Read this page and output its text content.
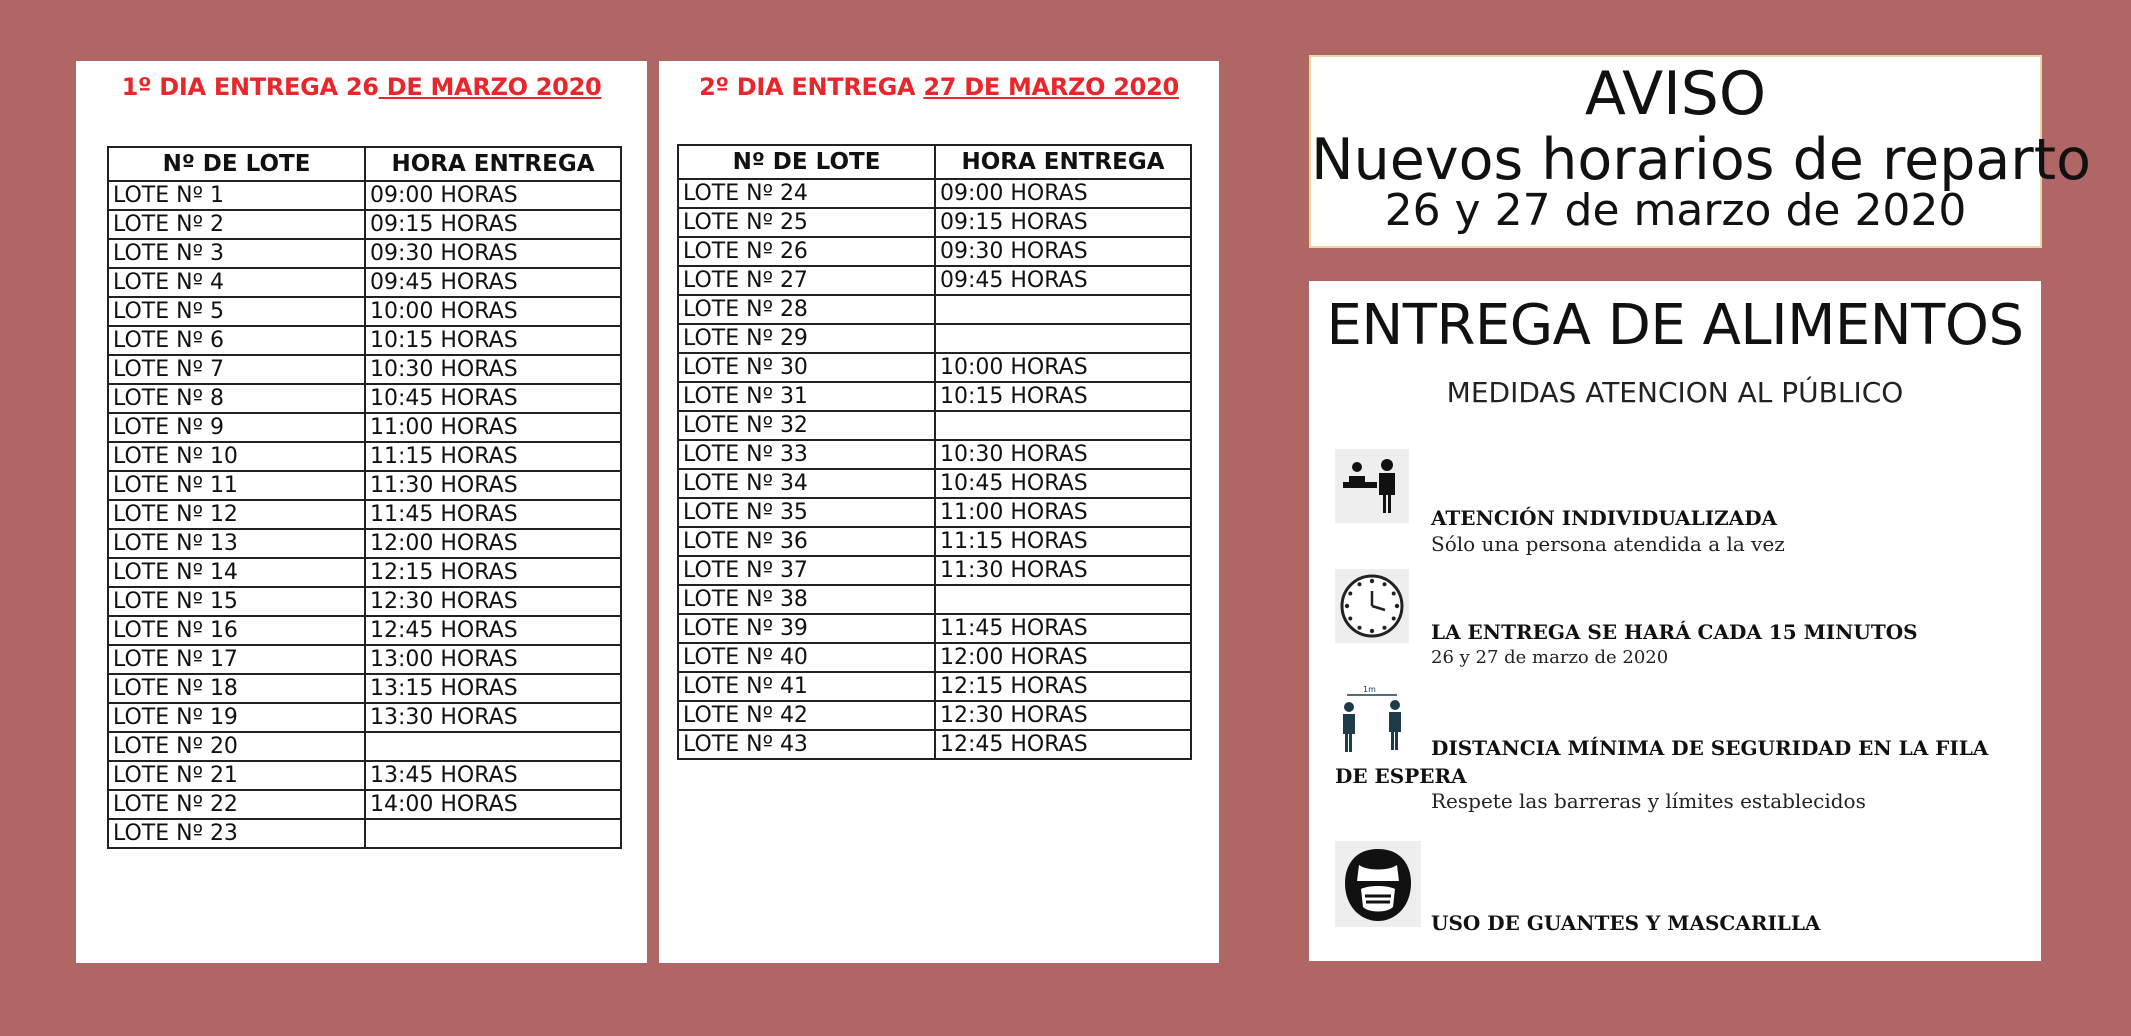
1º DIA ENTREGA 26 DE MARZO 2020
Nº DE LOTE	HORA ENTREGA
LOTE Nº 1	09:00 HORAS
LOTE Nº 2	09:15 HORAS
LOTE Nº 3	09:30 HORAS
LOTE Nº 4	09:45 HORAS
LOTE Nº 5	10:00 HORAS
LOTE Nº 6	10:15 HORAS
LOTE Nº 7	10:30 HORAS
LOTE Nº 8	10:45 HORAS
LOTE Nº 9	11:00 HORAS
LOTE Nº 10	11:15 HORAS
LOTE Nº 11	11:30 HORAS
LOTE Nº 12	11:45 HORAS
LOTE Nº 13	12:00 HORAS
LOTE Nº 14	12:15 HORAS
LOTE Nº 15	12:30 HORAS
LOTE Nº 16	12:45 HORAS
LOTE Nº 17	13:00 HORAS
LOTE Nº 18	13:15 HORAS
LOTE Nº 19	13:30 HORAS
LOTE Nº 20	
LOTE Nº 21	13:45 HORAS
LOTE Nº 22	14:00 HORAS
LOTE Nº 23	
2º DIA ENTREGA 27 DE MARZO 2020
Nº DE LOTE	HORA ENTREGA
LOTE Nº 24	09:00 HORAS
LOTE Nº 25	09:15 HORAS
LOTE Nº 26	09:30 HORAS
LOTE Nº 27	09:45 HORAS
LOTE Nº 28	
LOTE Nº 29	
LOTE Nº 30	10:00 HORAS
LOTE Nº 31	10:15 HORAS
LOTE Nº 32	
LOTE Nº 33	10:30 HORAS
LOTE Nº 34	10:45 HORAS
LOTE Nº 35	11:00 HORAS
LOTE Nº 36	11:15 HORAS
LOTE Nº 37	11:30 HORAS
LOTE Nº 38	
LOTE Nº 39	11:45 HORAS
LOTE Nº 40	12:00 HORAS
LOTE Nº 41	12:15 HORAS
LOTE Nº 42	12:30 HORAS
LOTE Nº 43	12:45 HORAS
AVISO
Nuevos horarios de reparto
26 y 27 de marzo de 2020
ENTREGA DE ALIMENTOS
MEDIDAS ATENCION AL PÚBLICO
ATENCIÓN INDIVIDUALIZADA
Sólo una persona atendida a la vez
LA ENTREGA SE HARÁ CADA 15 MINUTOS
26 y 27 de marzo de 2020
1m
DISTANCIA MÍNIMA DE SEGURIDAD EN LA FILA DE ESPERA
Respete las barreras y límites establecidos
USO DE GUANTES Y MASCARILLA
